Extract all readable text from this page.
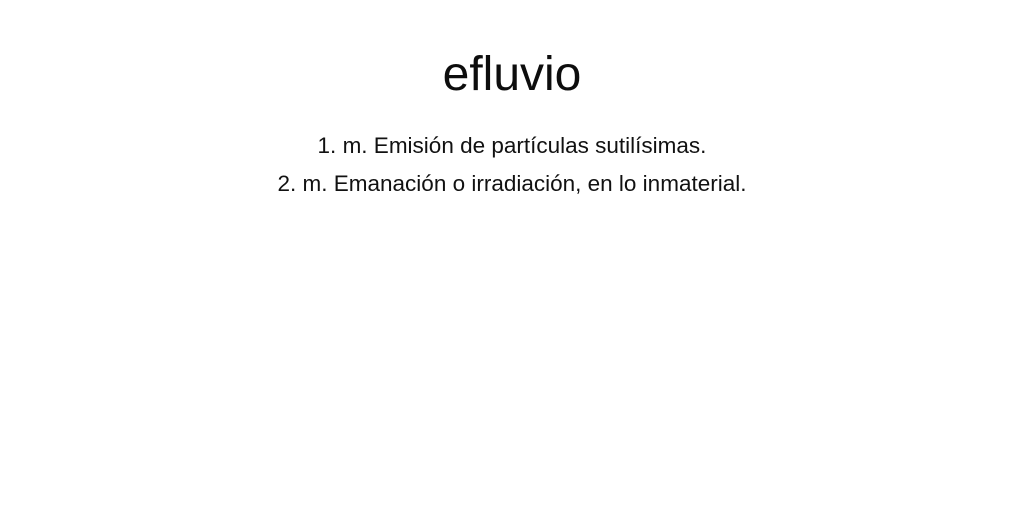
efluvio
1. m. Emisión de partículas sutilísimas.
2. m. Emanación o irradiación, en lo inmaterial.
